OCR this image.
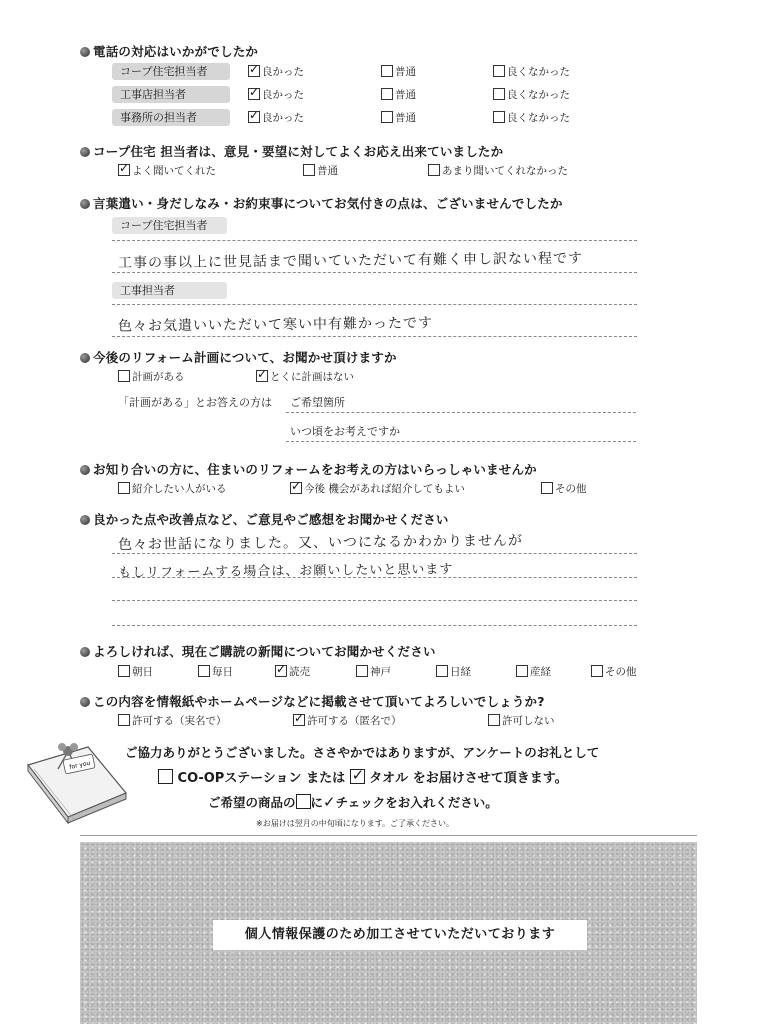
電話の対応はいかがでしたか
コープ住宅担当者 ✓	良かった	普通	良くなかった
工事店担当者 ✓	良かった	普通	良くなかった
事務所の担当者 ✓	良かった	普通	良くなかった
コープ住宅 担当者は、意見・要望に対してよくお応え出来ていましたか
✓よく聞いてくれた	普通	あまり聞いてくれなかった
言葉遣い・身だしなみ・お約束事についてお気付きの点は、ございませんでしたか
コープ住宅担当者
工事の事以上に世見話まで聞いていただいて有難く申し訳ない程です
工事担当者
色々お気遣いいただいて寒い中有難かったです
今後のリフォーム計画について、お聞かせ頂けますか
計画がある ✓	とくに計画はない
「計画がある」とお答えの方は ご希望箇所
いつ頃をお考えですか
お知り合いの方に、住まいのリフォームをお考えの方はいらっしゃいませんか
紹介したい人がいる ✓	今後 機会があれば紹介してもよい	その他
良かった点や改善点など、ご意見やご感想をお聞かせください
色々お世話になりました。又、いつになるかわかりませんが
もしリフォームする場合は、お願いしたいと思います
よろしければ、現在ご購読の新聞についてお聞かせください
朝日	毎日 ✓	読売	神戸	日経	産経	その他
この内容を情報紙やホームページなどに掲載させて頂いてよろしいでしょうか?
許可する（実名で） ✓	許可する（匿名で）	許可しない
for you
ご協力ありがとうございました。ささやかではありますが、アンケートのお礼として
CO-OPステーション または ✓ タオル をお届けさせて頂きます。
ご希望の商品の に✓チェックをお入れください。
※お届けは翌月の中旬頃になります。ご了承ください。
個人情報保護のため加工させていただいております
